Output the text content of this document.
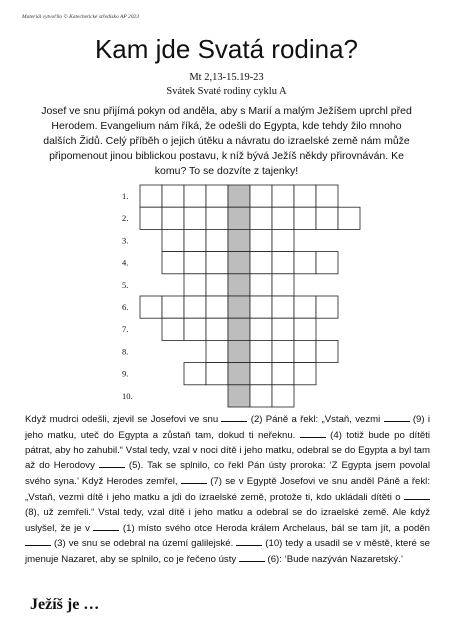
Materiál vytvořilo © Katechetické středisko AP 2023
Kam jde Svatá rodina?
Mt 2,13-15.19-23
Svátek Svaté rodiny cyklu A
Josef ve snu přijímá pokyn od anděla, aby s Marií a malým Ježíšem uprchl před Herodem. Evangelium nám říká, že odešli do Egypta, kde tehdy žilo mnoho dalších Židů. Celý příběh o jejich útěku a návratu do izraelské země nám může připomenout jinou biblickou postavu, k níž bývá Ježíš někdy přirovnáván. Ke komu? To se dozvíte z tajenky!
1.
2.
3.
4.
5.
6.
7.
8.
9.
10.
Když mudrci odešli, zjevil se Josefovi ve snu	(2) Páně a řekl: „Vstaň, vezmi	(9) i jeho matku, uteč do Egypta a zůstaň tam, dokud ti neřeknu.	(4) totiž bude po dítěti pátrat, aby ho zahubil.“ Vstal tedy, vzal v noci dítě i jeho matku, odebral se do Egypta a byl tam až do Herodovy	(5). Tak se splnilo, co řekl Pán ústy proroka: ‘Z Egypta jsem povolal svého syna.’ Když Herodes zemřel,	(7) se v Egyptě Josefovi ve snu anděl Páně a řekl: „Vstaň, vezmi dítě i jeho matku a jdi do izraelské země, protože ti, kdo ukládali dítěti o  (8), už zemřeli.“ Vstal tedy, vzal dítě i jeho matku a odebral se do izraelské země. Ale když uslyšel, že je v	(1) místo svého otce Heroda králem Archelaus, bál se tam jít, a poděn  (3) ve snu se odebral na území galilejské.	(10) tedy a usadil se v městě, které se jmenuje Nazaret, aby se splnilo, co je řečeno ústy	(6): ‘Bude nazýván Nazaretský.’
Ježíš je …
